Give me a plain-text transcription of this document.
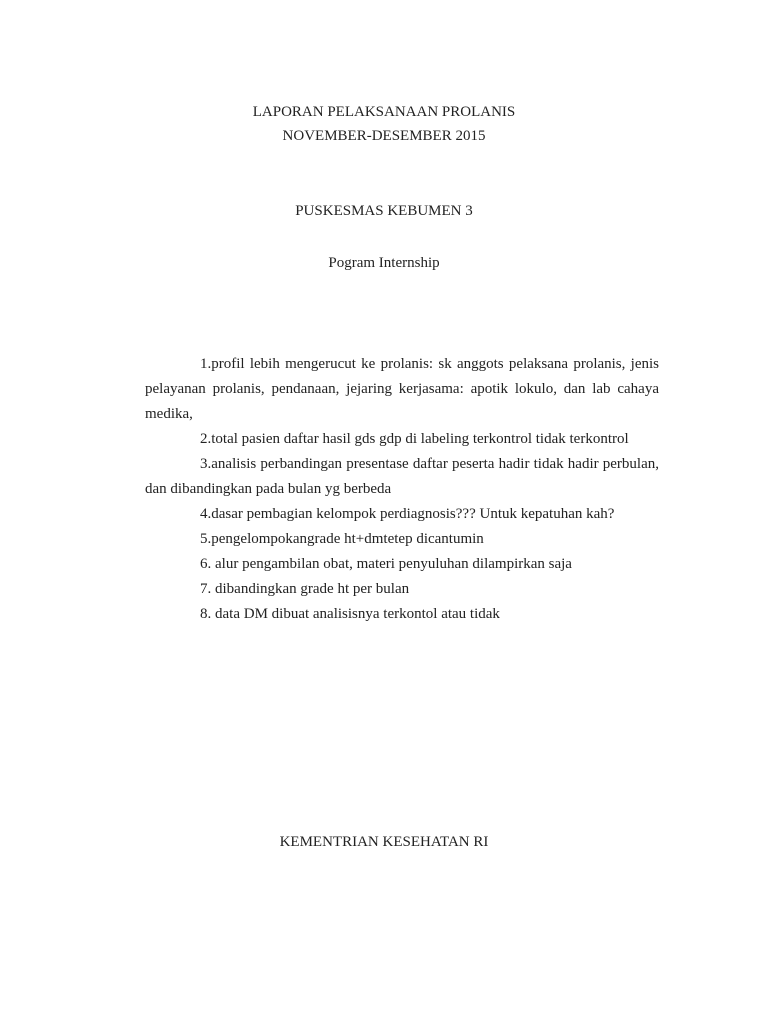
LAPORAN PELAKSANAAN PROLANIS
NOVEMBER-DESEMBER 2015
PUSKESMAS KEBUMEN 3
Pogram Internship

1.profil lebih mengerucut ke prolanis: sk anggots pelaksana prolanis, jenis pelayanan prolanis, pendanaan, jejaring kerjasama: apotik lokulo, dan lab cahaya medika,

2.total pasien daftar hasil gds gdp di labeling terkontrol tidak terkontrol

3.analisis perbandingan presentase daftar peserta hadir tidak hadir perbulan, dan dibandingkan pada bulan yg berbeda

4.dasar pembagian kelompok perdiagnosis??? Untuk kepatuhan kah?

5.pengelompokangrade ht+dmtetep dicantumin

6. alur pengambilan obat, materi penyuluhan dilampirkan saja

7. dibandingkan grade ht per bulan

8. data DM dibuat analisisnya terkontol atau tidak

KEMENTRIAN KESEHATAN RI
